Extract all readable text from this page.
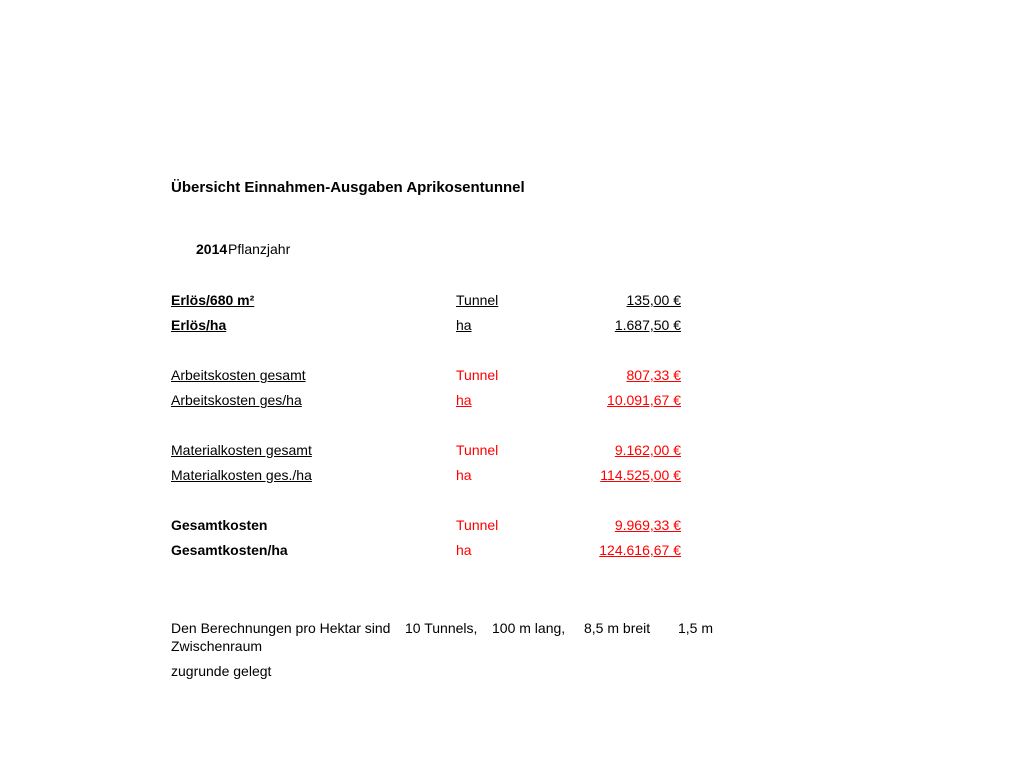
Übersicht Einnahmen-Ausgaben Aprikosentunnel
2014 Pflanzjahr
Erlös/680 m²	Tunnel	135,00 €
Erlös/ha	ha	1.687,50 €
Arbeitskosten gesamt	Tunnel	807,33 €
Arbeitskosten ges/ha	ha	10.091,67 €
Materialkosten gesamt	Tunnel	9.162,00 €
Materialkosten ges./ha	ha	114.525,00 €
Gesamtkosten	Tunnel	9.969,33 €
Gesamtkosten/ha	ha	124.616,67 €
Den Berechnungen pro Hektar sind 10 Tunnels, 100 m lang, 8,5 m breit 1,5 m
Zwischenraum
zugrunde gelegt
